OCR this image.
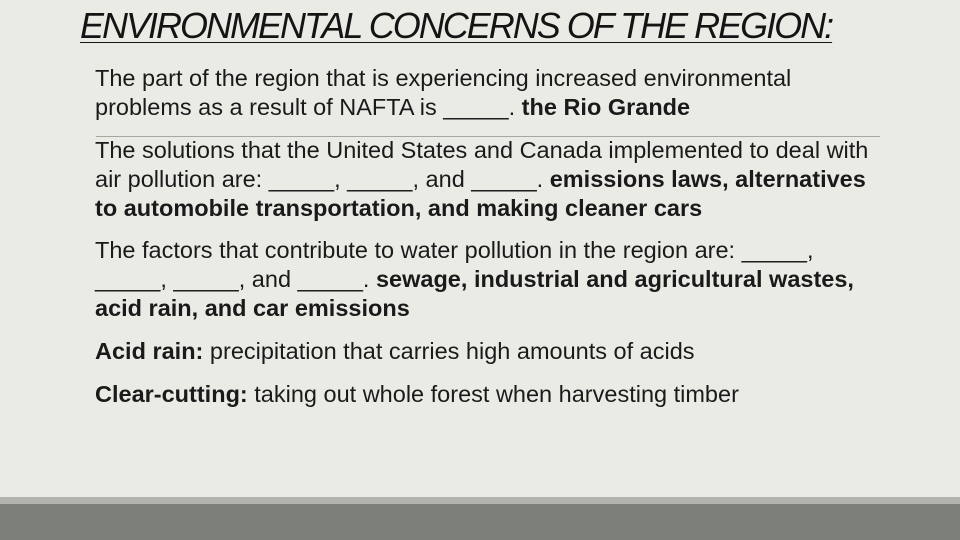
ENVIRONMENTAL CONCERNS OF THE REGION:

The part of the region that is experiencing increased environmental problems as a result of NAFTA is _____. the Rio Grande

The solutions that the United States and Canada implemented to deal with air pollution are: _____, _____, and _____. emissions laws, alternatives to automobile transportation, and making cleaner cars

The factors that contribute to water pollution in the region are: _____, _____, _____, and _____. sewage, industrial and agricultural wastes, acid rain, and car emissions

Acid rain: precipitation that carries high amounts of acids

Clear-cutting: taking out whole forest when harvesting timber
